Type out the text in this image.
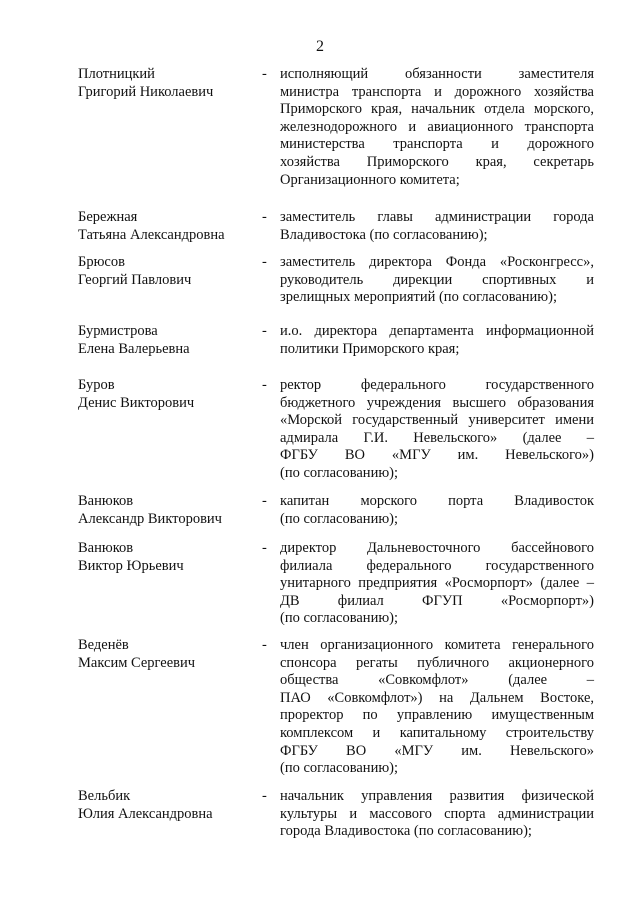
2
Плотницкий
Григорий Николаевич
- исполняющий обязанности заместителя
министра транспорта и дорожного хозяйства
Приморского края, начальник отдела морского,
железнодорожного и авиационного транспорта
министерства транспорта и дорожного
хозяйства Приморского края, секретарь
Организационного комитета;
Бережная
Татьяна Александровна
- заместитель главы администрации города
Владивостока (по согласованию);
Брюсов
Георгий Павлович
- заместитель директора Фонда «Росконгресс»,
руководитель дирекции спортивных и
зрелищных мероприятий (по согласованию);
Бурмистрова
Елена Валерьевна
- и.о. директора департамента информационной
политики Приморского края;
Буров
Денис Викторович
- ректор федерального государственного
бюджетного учреждения высшего образования
«Морской государственный университет имени
адмирала Г.И. Невельского» (далее –
ФГБУ ВО «МГУ им. Невельского»)
(по согласованию);
Ванюков
Александр Викторович
- капитан морского порта Владивосток
(по согласованию);
Ванюков
Виктор Юрьевич
- директор Дальневосточного бассейнового
филиала федерального государственного
унитарного предприятия «Росморпорт» (далее –
ДВ филиал ФГУП «Росморпорт»)
(по согласованию);
Веденёв
Максим Сергеевич
- член организационного комитета генерального
спонсора регаты публичного акционерного
общества «Совкомфлот» (далее –
ПАО «Совкомфлот») на Дальнем Востоке,
проректор по управлению имущественным
комплексом и капитальному строительству
ФГБУ ВО «МГУ им. Невельского»
(по согласованию);
Вельбик
Юлия Александровна
- начальник управления развития физической
культуры и массового спорта администрации
города Владивостока (по согласованию);
